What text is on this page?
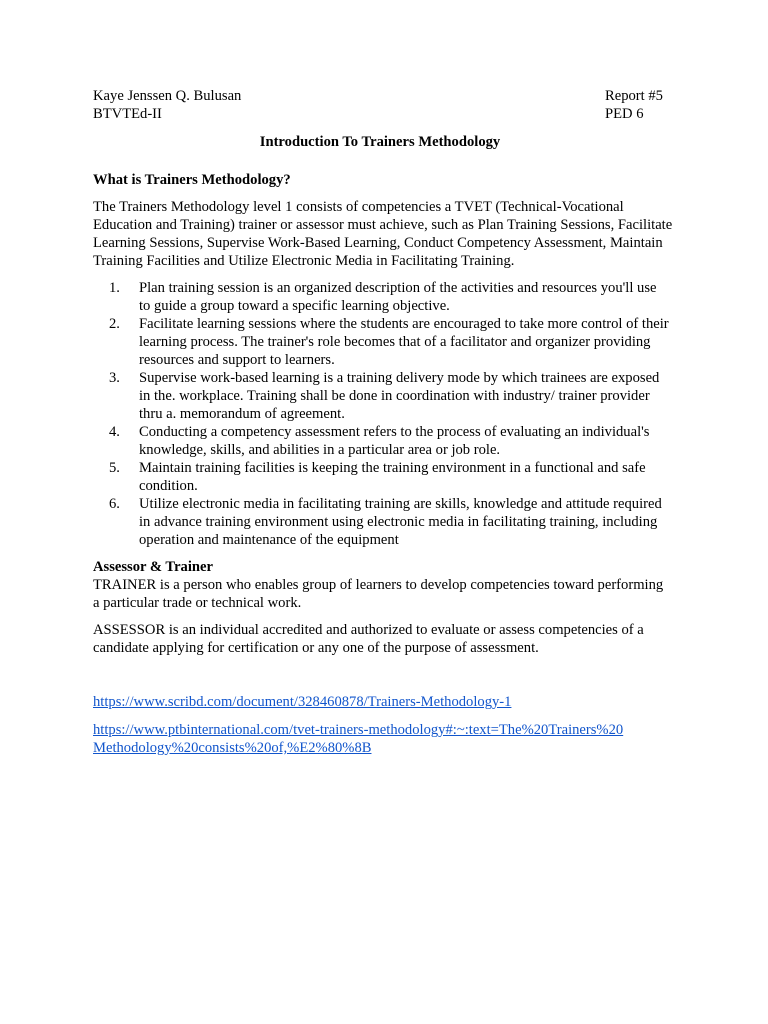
Kaye Jenssen Q. Bulusan	Report #5
BTVTEd-II	PED 6
Introduction To Trainers Methodology
What is Trainers Methodology?
The Trainers Methodology level 1 consists of competencies a TVET (Technical-Vocational Education and Training) trainer or assessor must achieve, such as Plan Training Sessions, Facilitate Learning Sessions, Supervise Work-Based Learning, Conduct Competency Assessment, Maintain Training Facilities and Utilize Electronic Media in Facilitating Training.
1.	Plan training session is an organized description of the activities and resources you'll use to guide a group toward a specific learning objective.
2.	Facilitate learning sessions where the students are encouraged to take more control of their learning process. The trainer's role becomes that of a facilitator and organizer providing resources and support to learners.
3.	Supervise work-based learning is a training delivery mode by which trainees are exposed in the. workplace. Training shall be done in coordination with industry/ trainer provider thru a. memorandum of agreement.
4.	Conducting a competency assessment refers to the process of evaluating an individual's knowledge, skills, and abilities in a particular area or job role.
5.	Maintain training facilities is keeping the training environment in a functional and safe condition.
6.	Utilize electronic media in facilitating training are skills, knowledge and attitude required in advance training environment using electronic media in facilitating training, including operation and maintenance of the equipment
Assessor & Trainer
TRAINER is a person who enables group of learners to develop competencies toward performing a particular trade or technical work.
ASSESSOR is an individual accredited and authorized to evaluate or assess competencies of a candidate applying for certification or any one of the purpose of assessment.
https://www.scribd.com/document/328460878/Trainers-Methodology-1
https://www.ptbinternational.com/tvet-trainers-methodology#:~:text=The%20Trainers%20Methodology%20consists%20of,%E2%80%8B
